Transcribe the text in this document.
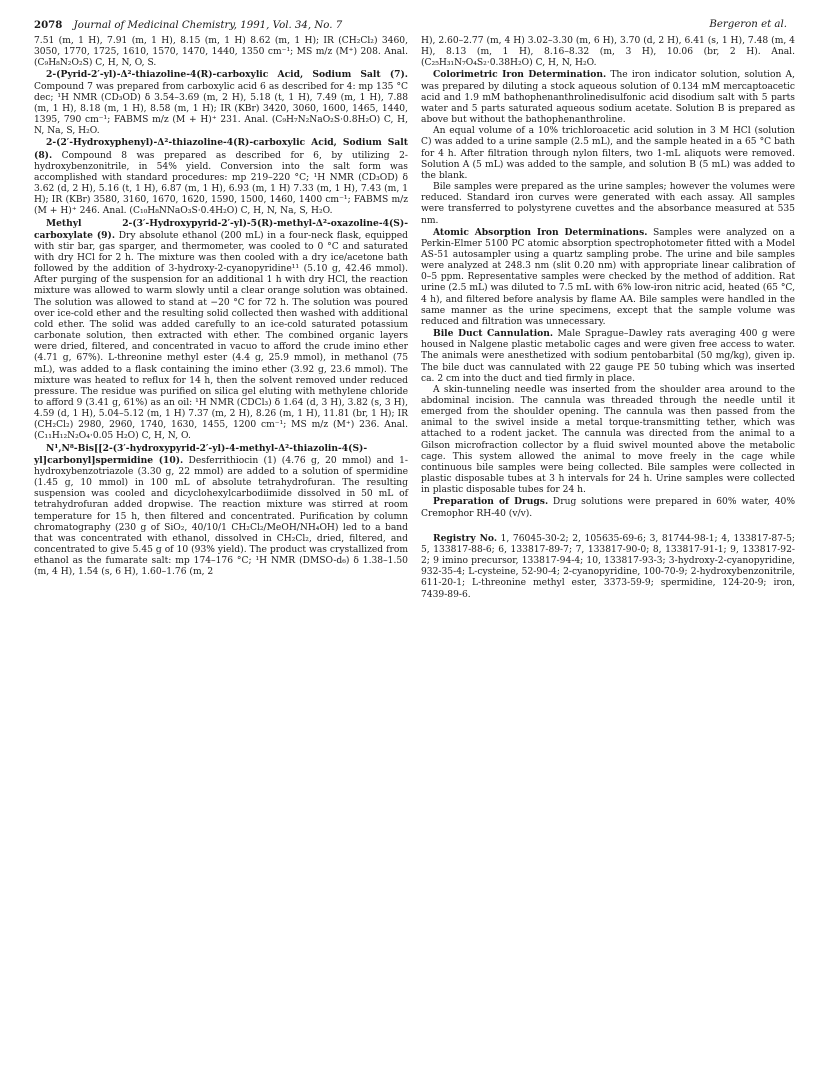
2078 Journal of Medicinal Chemistry, 1991, Vol. 34, No. 7	Bergeron et al.

7.51 (m, 1 H), 7.91 (m, 1 H), 8.15 (m, 1 H) 8.62 (m, 1 H); IR (CH₂Cl₂) 3460, 3050, 1770, 1725, 1610, 1570, 1470, 1440, 1350 cm⁻¹; MS m/z (M⁺) 208. Anal. (C₉H₈N₂O₂S) C, H, N, O, S.

2-(Pyrid-2′-yl)-Δ²-thiazoline-4(R)-carboxylic Acid, Sodium Salt (7). Compound 7 was prepared from carboxylic acid 6 as described for 4: mp 135 °C dec; ¹H NMR (CD₃OD) δ 3.54–3.69 (m, 2 H), 5.18 (t, 1 H), 7.49 (m, 1 H), 7.88 (m, 1 H), 8.18 (m, 1 H), 8.58 (m, 1 H); IR (KBr) 3420, 3060, 1600, 1465, 1440, 1395, 790 cm⁻¹; FABMS m/z (M + H)⁺ 231. Anal. (C₉H₇N₂NaO₂S·0.8H₂O) C, H, N, Na, S, H₂O.

2-(2′-Hydroxyphenyl)-Δ²-thiazoline-4(R)-carboxylic Acid, Sodium Salt (8). Compound 8 was prepared as described for 6, by utilizing 2-hydroxybenzonitrile, in 54% yield. Conversion into the salt form was accomplished with standard procedures: mp 219–220 °C; ¹H NMR (CD₃OD) δ 3.62 (d, 2 H), 5.16 (t, 1 H), 6.87 (m, 1 H), 6.93 (m, 1 H) 7.33 (m, 1 H), 7.43 (m, 1 H); IR (KBr) 3580, 3160, 1670, 1620, 1590, 1500, 1460, 1400 cm⁻¹; FABMS m/z (M + H)⁺ 246. Anal. (C₁₀H₈NNaO₃S·0.4H₂O) C, H, N, Na, S, H₂O.

Methyl 2-(3′-Hydroxypyrid-2′-yl)-5(R)-methyl-Δ²-oxazoline-4(S)-carboxylate (9). Dry absolute ethanol (200 mL) in a four-neck flask, equipped with stir bar, gas sparger, and thermometer, was cooled to 0 °C and saturated with dry HCl for 2 h. The mixture was then cooled with a dry ice/acetone bath followed by the addition of 3-hydroxy-2-cyanopyridine¹¹ (5.10 g, 42.46 mmol). After purging of the suspension for an additional 1 h with dry HCl, the reaction mixture was allowed to warm slowly until a clear orange solution was obtained. The solution was allowed to stand at −20 °C for 72 h. The solution was poured over ice-cold ether and the resulting solid collected then washed with additional cold ether. The solid was added carefully to an ice-cold saturated potassium carbonate solution, then extracted with ether. The combined organic layers were dried, filtered, and concentrated in vacuo to afford the crude imino ether (4.71 g, 67%). L-threonine methyl ester (4.4 g, 25.9 mmol), in methanol (75 mL), was added to a flask containing the imino ether (3.92 g, 23.6 mmol). The mixture was heated to reflux for 14 h, then the solvent removed under reduced pressure. The residue was purified on silica gel eluting with methylene chloride to afford 9 (3.41 g, 61%) as an oil: ¹H NMR (CDCl₃) δ 1.64 (d, 3 H), 3.82 (s, 3 H), 4.59 (d, 1 H), 5.04–5.12 (m, 1 H) 7.37 (m, 2 H), 8.26 (m, 1 H), 11.81 (br, 1 H); IR (CH₂Cl₂) 2980, 2960, 1740, 1630, 1455, 1200 cm⁻¹; MS m/z (M⁺) 236. Anal. (C₁₁H₁₂N₂O₄·0.05 H₂O) C, H, N, O.

N¹,N⁸-Bis[[2-(3′-hydroxypyrid-2′-yl)-4-methyl-Δ²-thiazolin-4(S)-yl]carbonyl]spermidine (10). Desferrithiocin (1) (4.76 g, 20 mmol) and 1-hydroxybenzotriazole (3.30 g, 22 mmol) are added to a solution of spermidine (1.45 g, 10 mmol) in 100 mL of absolute tetrahydrofuran. The resulting suspension was cooled and dicyclohexylcarbodiimide dissolved in 50 mL of tetrahydrofuran added dropwise. The reaction mixture was stirred at room temperature for 15 h, then filtered and concentrated. Purification by column chromatography (230 g of SiO₂, 40/10/1 CH₂Cl₂/MeOH/NH₄OH) led to a band that was concentrated with ethanol, dissolved in CH₂Cl₂, dried, filtered, and concentrated to give 5.45 g of 10 (93% yield). The product was crystallized from ethanol as the fumarate salt: mp 174–176 °C; ¹H NMR (DMSO-d₆) δ 1.38–1.50 (m, 4 H), 1.54 (s, 6 H), 1.60–1.76 (m, 2

H), 2.60–2.77 (m, 4 H) 3.02–3.30 (m, 6 H), 3.70 (d, 2 H), 6.41 (s, 1 H), 7.48 (m, 4 H), 8.13 (m, 1 H), 8.16–8.32 (m, 3 H), 10.06 (br, 2 H). Anal. (C₂₅H₃₁N₇O₄S₂·0.38H₂O) C, H, N, H₂O.

Colorimetric Iron Determination. The iron indicator solution, solution A, was prepared by diluting a stock aqueous solution of 0.134 mM mercaptoacetic acid and 1.9 mM bathophenanthrolinedisulfonic acid disodium salt with 5 parts water and 5 parts saturated aqueous sodium acetate. Solution B is prepared as above but without the bathophenanthroline.

An equal volume of a 10% trichloroacetic acid solution in 3 M HCl (solution C) was added to a urine sample (2.5 mL), and the sample heated in a 65 °C bath for 4 h. After filtration through nylon filters, two 1-mL aliquots were removed. Solution A (5 mL) was added to the sample, and solution B (5 mL) was added to the blank.

Bile samples were prepared as the urine samples; however the volumes were reduced. Standard iron curves were generated with each assay. All samples were transferred to polystyrene cuvettes and the absorbance measured at 535 nm.

Atomic Absorption Iron Determinations. Samples were analyzed on a Perkin-Elmer 5100 PC atomic absorption spectrophotometer fitted with a Model AS-51 autosampler using a quartz sampling probe. The urine and bile samples were analyzed at 248.3 nm (slit 0.20 nm) with appropriate linear calibration of 0–5 ppm. Representative samples were checked by the method of addition. Rat urine (2.5 mL) was diluted to 7.5 mL with 6% low-iron nitric acid, heated (65 °C, 4 h), and filtered before analysis by flame AA. Bile samples were handled in the same manner as the urine specimens, except that the sample volume was reduced and filtration was unnecessary.

Bile Duct Cannulation. Male Sprague–Dawley rats averaging 400 g were housed in Nalgene plastic metabolic cages and were given free access to water. The animals were anesthetized with sodium pentobarbital (50 mg/kg), given ip. The bile duct was cannulated with 22 gauge PE 50 tubing which was inserted ca. 2 cm into the duct and tied firmly in place.

A skin-tunneling needle was inserted from the shoulder area around to the abdominal incision. The cannula was threaded through the needle until it emerged from the shoulder opening. The cannula was then passed from the animal to the swivel inside a metal torque-transmitting tether, which was attached to a rodent jacket. The cannula was directed from the animal to a Gilson microfraction collector by a fluid swivel mounted above the metabolic cage. This system allowed the animal to move freely in the cage while continuous bile samples were being collected. Bile samples were collected in plastic disposable tubes at 3 h intervals for 24 h. Urine samples were collected in plastic disposable tubes for 24 h.

Preparation of Drugs. Drug solutions were prepared in 60% water, 40% Cremophor RH-40 (v/v).

Registry No. 1, 76045-30-2; 2, 105635-69-6; 3, 81744-98-1; 4, 133817-87-5; 5, 133817-88-6; 6, 133817-89-7; 7, 133817-90-0; 8, 133817-91-1; 9, 133817-92-2; 9 imino precursor, 133817-94-4; 10, 133817-93-3; 3-hydroxy-2-cyanopyridine, 932-35-4; L-cysteine, 52-90-4; 2-cyanopyridine, 100-70-9; 2-hydroxybenzonitrile, 611-20-1; L-threonine methyl ester, 3373-59-9; spermidine, 124-20-9; iron, 7439-89-6.
